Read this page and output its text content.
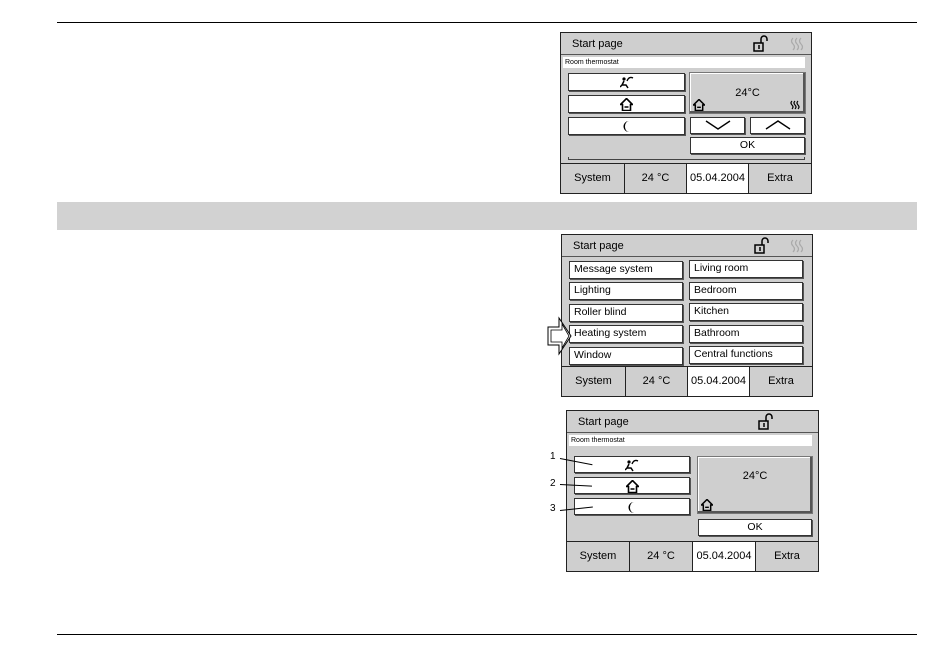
Start page
Room thermostat
24°C
OK
System	24 °C	05.04.2004	Extra
Start page
Message system
Lighting
Roller blind
Heating system
Window
Living room
Bedroom
Kitchen
Bathroom
Central functions
System	24 °C	05.04.2004	Extra
Start page
Room thermostat
24°C
OK
System	24 °C	05.04.2004	Extra
1
2
3
